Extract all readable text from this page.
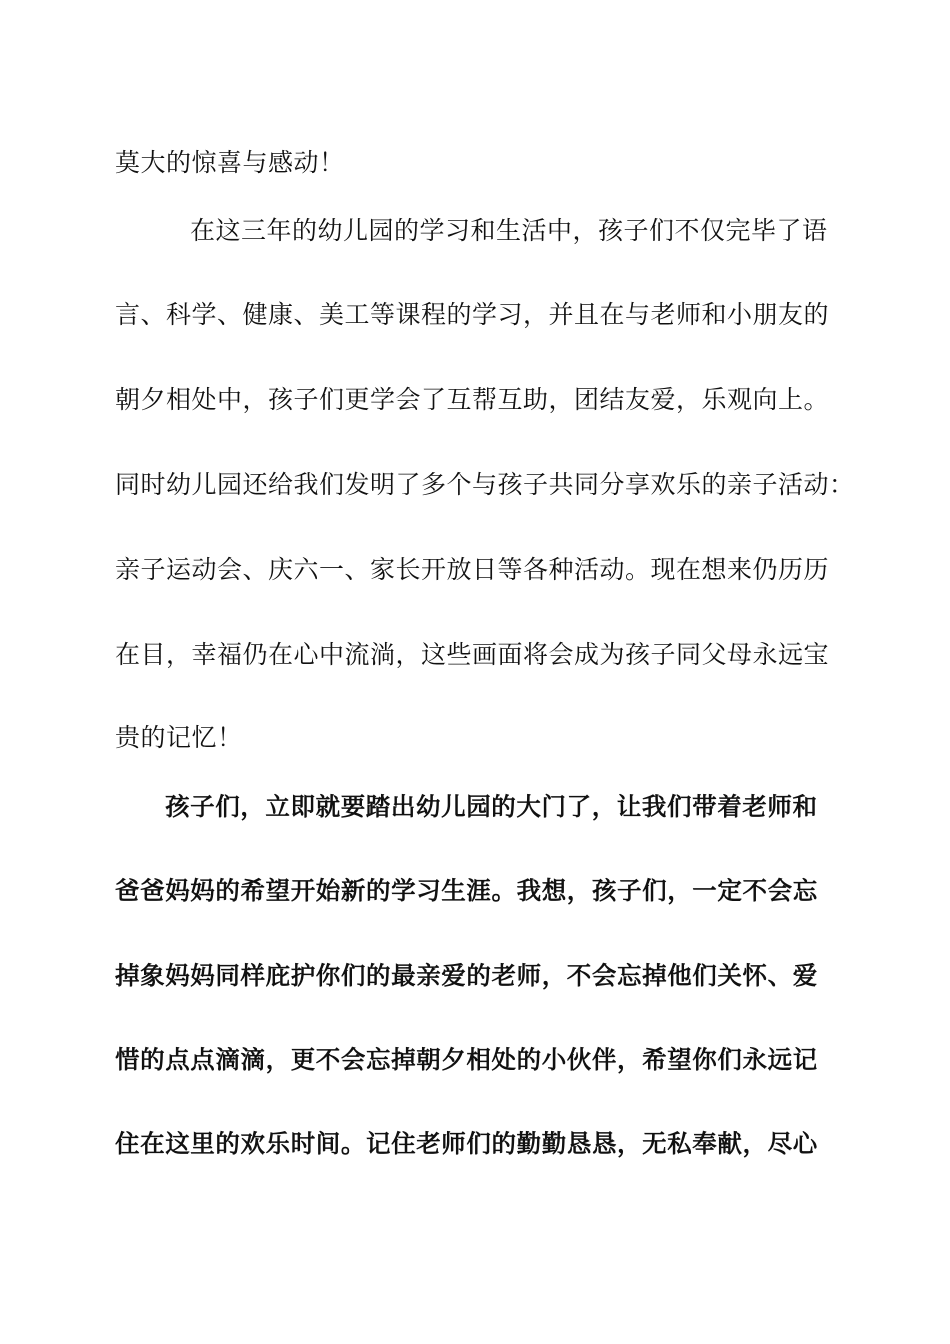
莫大的惊喜与感动！
在这三年的幼儿园的学习和生活中，孩子们不仅完毕了语
言、科学、健康、美工等课程的学习，并且在与老师和小朋友的
朝夕相处中，孩子们更学会了互帮互助，团结友爱，乐观向上。
同时幼儿园还给我们发明了多个与孩子共同分享欢乐的亲子活动：
亲子运动会、庆六一、家长开放日等各种活动。现在想来仍历历
在目，幸福仍在心中流淌，这些画面将会成为孩子同父母永远宝
贵的记忆！
孩子们，立即就要踏出幼儿园的大门了，让我们带着老师和
爸爸妈妈的希望开始新的学习生涯。我想，孩子们，一定不会忘
掉象妈妈同样庇护你们的最亲爱的老师，不会忘掉他们关怀、爱
惜的点点滴滴，更不会忘掉朝夕相处的小伙伴，希望你们永远记
住在这里的欢乐时间。记住老师们的勤勤恳恳，无私奉献，尽心
